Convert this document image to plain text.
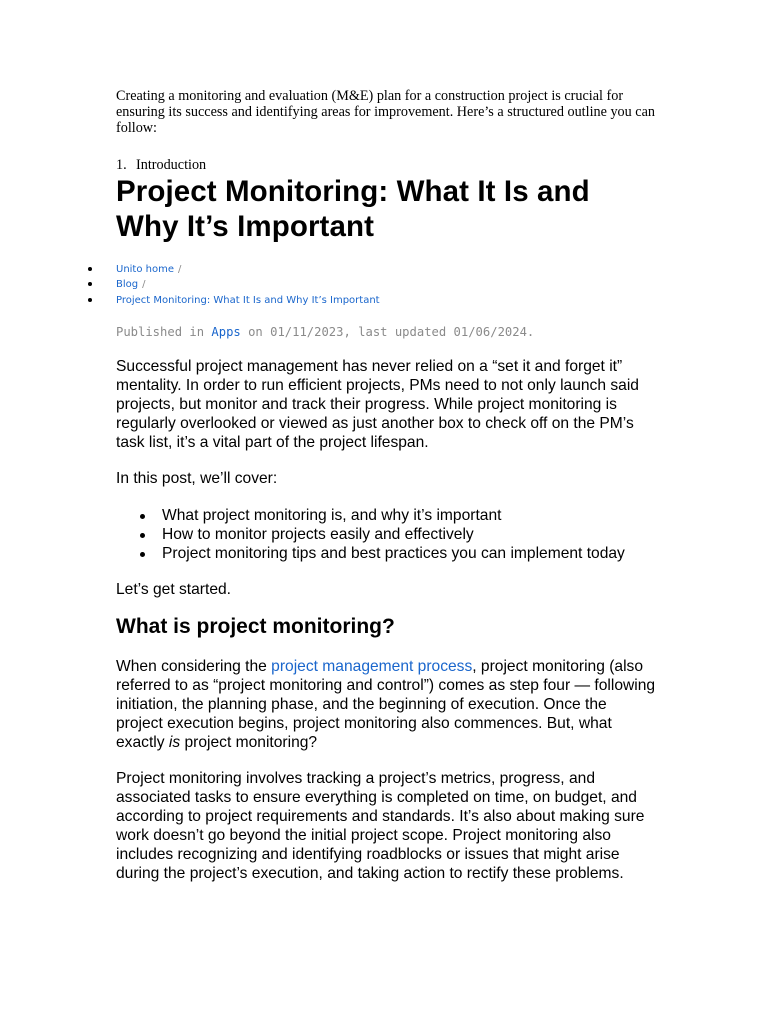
Creating a monitoring and evaluation (M&E) plan for a construction project is crucial for ensuring its success and identifying areas for improvement. Here’s a structured outline you can follow:

1. Introduction
Project Monitoring: What It Is and Why It’s Important
Unito home /
Blog /
Project Monitoring: What It Is and Why It’s Important
Published in Apps on 01/11/2023, last updated 01/06/2024.

Successful project management has never relied on a “set it and forget it” mentality. In order to run efficient projects, PMs need to not only launch said projects, but monitor and track their progress. While project monitoring is regularly overlooked or viewed as just another box to check off on the PM’s task list, it’s a vital part of the project lifespan.

In this post, we’ll cover:

What project monitoring is, and why it’s important
How to monitor projects easily and effectively
Project monitoring tips and best practices you can implement today

Let’s get started.

What is project monitoring?

When considering the project management process, project monitoring (also referred to as “project monitoring and control”) comes as step four — following initiation, the planning phase, and the beginning of execution. Once the project execution begins, project monitoring also commences. But, what exactly is project monitoring?

Project monitoring involves tracking a project’s metrics, progress, and associated tasks to ensure everything is completed on time, on budget, and according to project requirements and standards. It’s also about making sure work doesn’t go beyond the initial project scope. Project monitoring also includes recognizing and identifying roadblocks or issues that might arise during the project’s execution, and taking action to rectify these problems.
